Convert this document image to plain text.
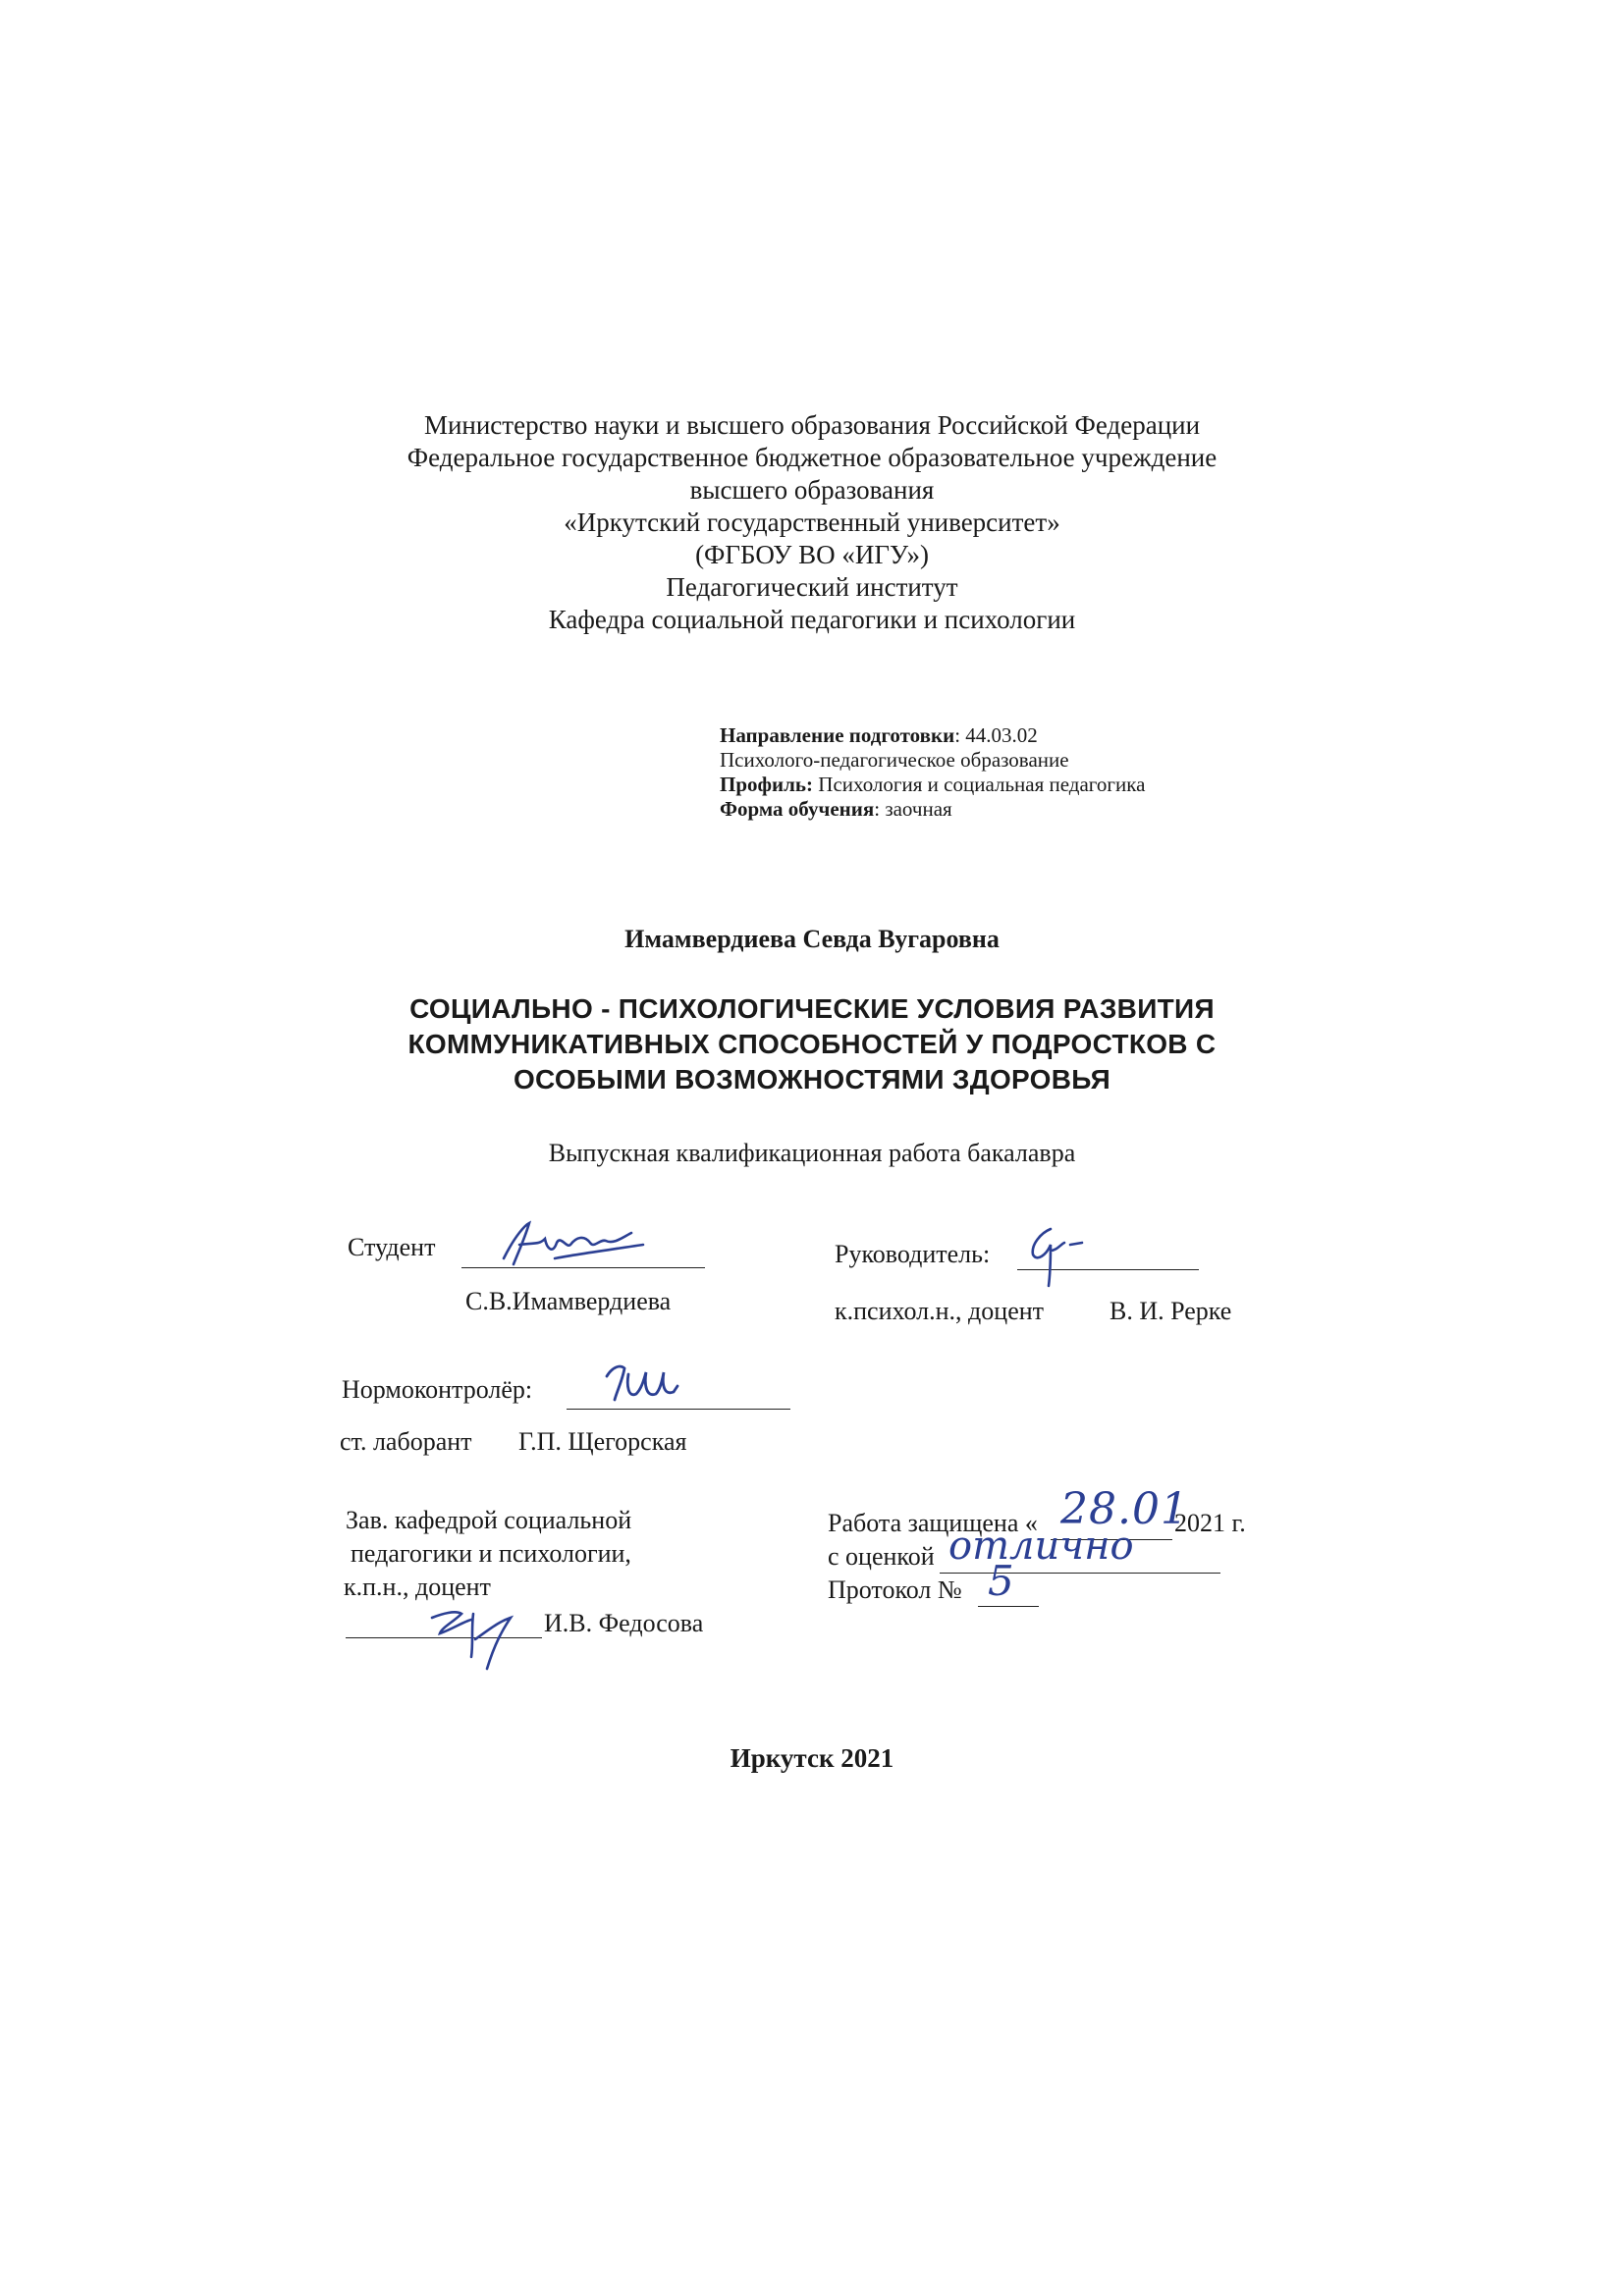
Министерство науки и высшего образования Российской Федерации
Федеральное государственное бюджетное образовательное учреждение
высшего образования
«Иркутский государственный университет»
(ФГБОУ ВО «ИГУ»)
Педагогический институт
Кафедра социальной педагогики и психологии
Направление подготовки: 44.03.02
Психолого-педагогическое образование
Профиль: Психология и социальная педагогика
Форма обучения: заочная
Имамвердиева Севда Вугаровна
СОЦИАЛЬНО - ПСИХОЛОГИЧЕСКИЕ УСЛОВИЯ РАЗВИТИЯ
КОММУНИКАТИВНЫХ СПОСОБНОСТЕЙ У ПОДРОСТКОВ С
ОСОБЫМИ ВОЗМОЖНОСТЯМИ ЗДОРОВЬЯ
Выпускная квалификационная работа бакалавра
Студент
С.В.Имамвердиева
Руководитель:
к.психол.н., доцент	В. И. Рерке
Нормоконтролёр:
ст. лаборант Г.П. Щегорская
Зав. кафедрой социальной
педагогики и психологии,
к.п.н., доцент
И.В. Федосова
Работа защищена « 28.01
2021 г.
с оценкой отлично
Протокол № 5
Иркутск 2021
